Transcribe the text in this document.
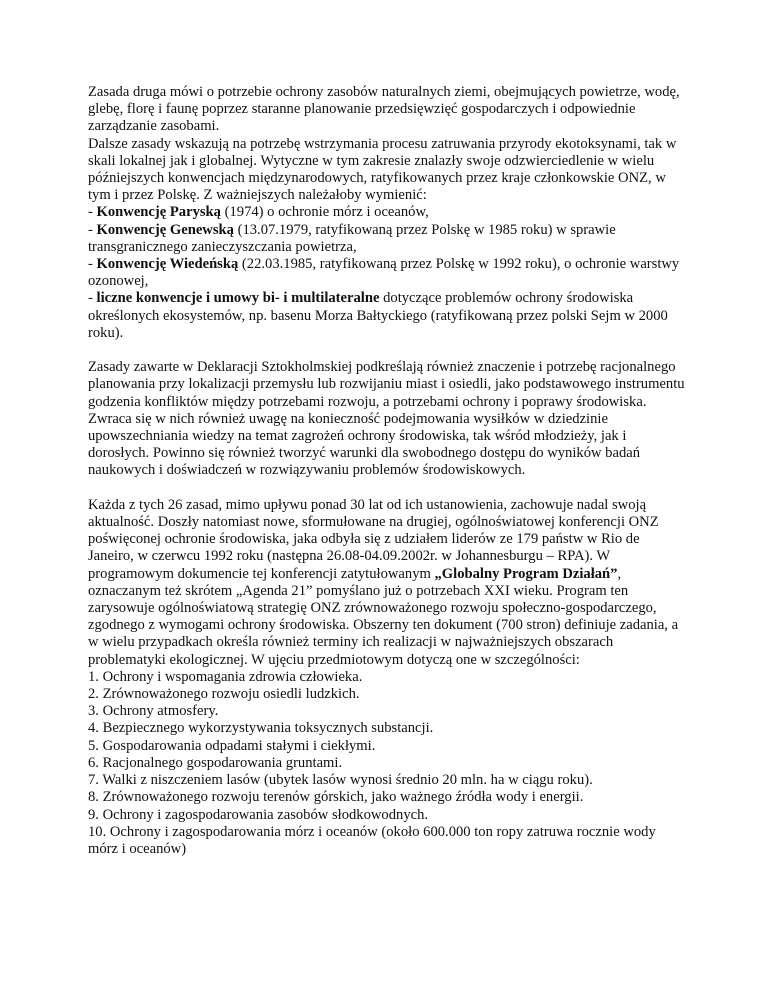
Zasada druga mówi o potrzebie ochrony zasobów naturalnych ziemi, obejmujących powietrze, wodę, glebę, florę i faunę poprzez staranne planowanie przedsięwzięć gospodarczych i odpowiednie zarządzanie zasobami.

Dalsze zasady wskazują na potrzebę wstrzymania procesu zatruwania przyrody ekotoksynami, tak w skali lokalnej jak i globalnej. Wytyczne w tym zakresie znalazły swoje odzwierciedlenie w wielu późniejszych konwencjach międzynarodowych, ratyfikowanych przez kraje członkowskie ONZ, w tym i przez Polskę. Z ważniejszych należałoby wymienić:

- Konwencję Paryską (1974) o ochronie mórz i oceanów,

- Konwencję Genewską (13.07.1979, ratyfikowaną przez Polskę w 1985 roku) w sprawie transgranicznego zanieczyszczania powietrza,

- Konwencję Wiedeńską (22.03.1985, ratyfikowaną przez Polskę w 1992 roku), o ochronie warstwy ozonowej,

- liczne konwencje i umowy bi- i multilateralne dotyczące problemów ochrony środowiska określonych ekosystemów, np. basenu Morza Bałtyckiego (ratyfikowaną przez polski Sejm w 2000 roku).

Zasady zawarte w Deklaracji Sztokholmskiej podkreślają również znaczenie i potrzebę racjonalnego planowania przy lokalizacji przemysłu lub rozwijaniu miast i osiedli, jako podstawowego instrumentu godzenia konfliktów między potrzebami rozwoju, a potrzebami ochrony i poprawy środowiska. Zwraca się w nich również uwagę na konieczność podejmowania wysiłków w dziedzinie upowszechniania wiedzy na temat zagrożeń ochrony środowiska, tak wśród młodzieży, jak i dorosłych. Powinno się również tworzyć warunki dla swobodnego dostępu do wyników badań naukowych i doświadczeń w rozwiązywaniu problemów środowiskowych.

Każda z tych 26 zasad, mimo upływu ponad 30 lat od ich ustanowienia, zachowuje nadal swoją aktualność. Doszły natomiast nowe, sformułowane na drugiej, ogólnoświatowej konferencji ONZ poświęconej ochronie środowiska, jaka odbyła się z udziałem liderów ze 179 państw w Rio de Janeiro, w czerwcu 1992 roku (następna 26.08-04.09.2002r. w Johannesburgu – RPA). W programowym dokumencie tej konferencji zatytułowanym „Globalny Program Działań”, oznaczanym też skrótem „Agenda 21” pomyślano już o potrzebach XXI wieku. Program ten zarysowuje ogólnoświatową strategię ONZ zrównoważonego rozwoju społeczno-gospodarczego, zgodnego z wymogami ochrony środowiska. Obszerny ten dokument (700 stron) definiuje zadania, a w wielu przypadkach określa również terminy ich realizacji w najważniejszych obszarach problematyki ekologicznej. W ujęciu przedmiotowym dotyczą one w szczególności:

1. Ochrony i wspomagania zdrowia człowieka.

2. Zrównoważonego rozwoju osiedli ludzkich.

3. Ochrony atmosfery.

4. Bezpiecznego wykorzystywania toksycznych substancji.

5. Gospodarowania odpadami stałymi i ciekłymi.

6. Racjonalnego gospodarowania gruntami.

7. Walki z niszczeniem lasów (ubytek lasów wynosi średnio 20 mln. ha w ciągu roku).

8. Zrównoważonego rozwoju terenów górskich, jako ważnego źródła wody i energii.

9. Ochrony i zagospodarowania zasobów słodkowodnych.

10. Ochrony i zagospodarowania mórz i oceanów (około 600.000 ton ropy zatruwa rocznie wody mórz i oceanów)
